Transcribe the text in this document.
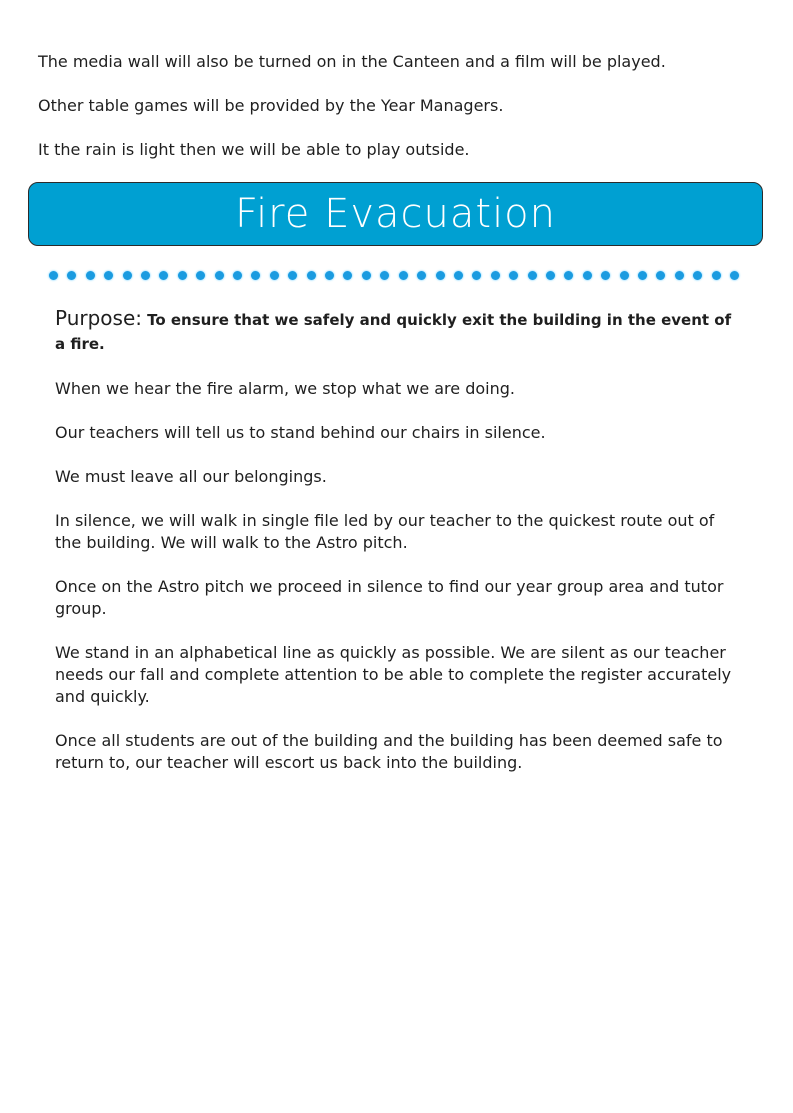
The media wall will also be turned on in the Canteen and a film will be played.

Other table games will be provided by the Year Managers.

It the rain is light then we will be able to play outside.

Fire Evacuation

Purpose: To ensure that we safely and quickly exit the building in the event of a fire.

When we hear the fire alarm, we stop what we are doing.

Our teachers will tell us to stand behind our chairs in silence.

We must leave all our belongings.

In silence, we will walk in single file led by our teacher to the quickest route out of the building. We will walk to the Astro pitch.

Once on the Astro pitch we proceed in silence to find our year group area and tutor group.

We stand in an alphabetical line as quickly as possible. We are silent as our teacher needs our fall and complete attention to be able to complete the register accurately and quickly.

Once all students are out of the building and the building has been deemed safe to return to, our teacher will escort us back into the building.
